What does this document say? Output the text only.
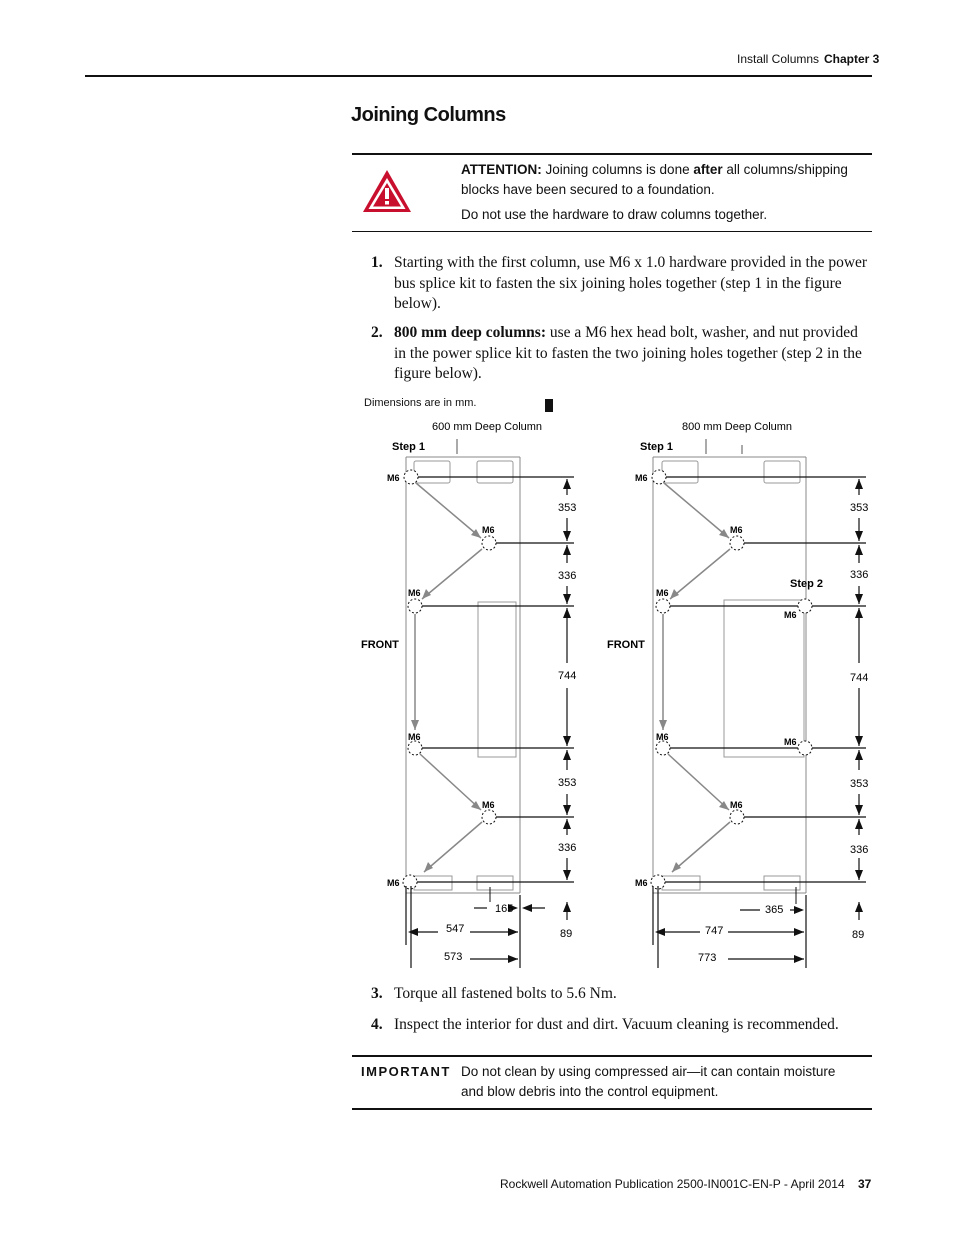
Install Columns Chapter 3
Joining Columns
ATTENTION: Joining columns is done after all columns/shipping blocks have been secured to a foundation.
Do not use the hardware to draw columns together.
1. Starting with the first column, use M6 x 1.0 hardware provided in the power bus splice kit to fasten the six joining holes together (step 1 in the figure below).
2. 800 mm deep columns: use a M6 hex head bolt, washer, and nut provided in the power splice kit to fasten the two joining holes together (step 2 in the figure below).
Dimensions are in mm.
600 mm Deep Column
Step 1
FRONT
M6
M6
M6
M6
M6
M6
353
336
744
353
336
89
165
547
573
800 mm Deep Column
Step 1
Step 2
FRONT
M6
M6
M6
M6
M6	M6
M6
M6
353
336
744
353
336
89
365
747
773
3. Torque all fastened bolts to 5.6 Nm.
4. Inspect the interior for dust and dirt. Vacuum cleaning is recommended.
IMPORTANT Do not clean by using compressed air—it can contain moisture and blow debris into the control equipment.
Rockwell Automation Publication 2500-IN001C-EN-P - April 2014 37
